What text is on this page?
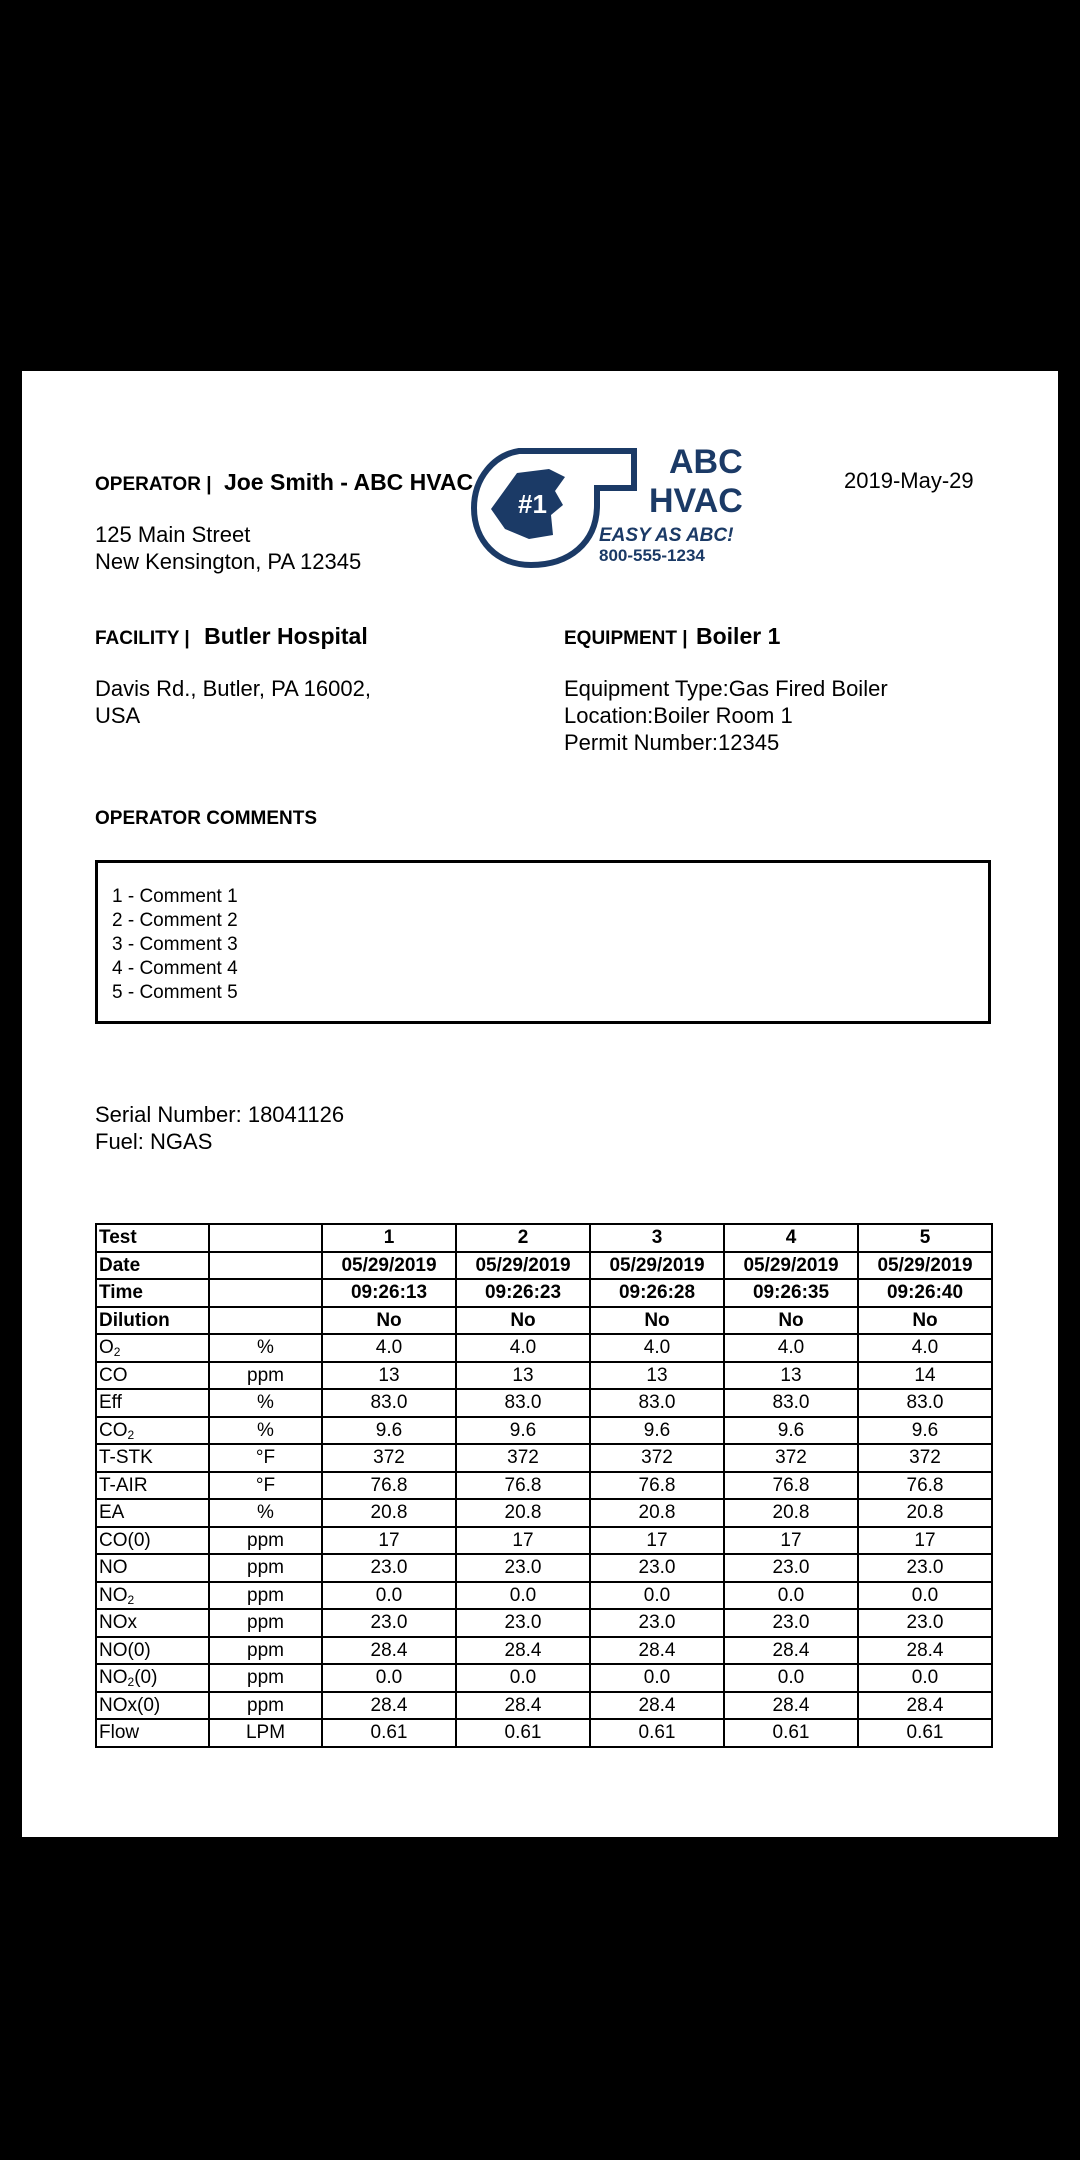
OPERATOR | Joe Smith - ABC HVAC
125 Main Street
New Kensington, PA 12345
2019-May-29
#1
ABC
HVAC
EASY AS ABC!
800-555-1234
FACILITY | Butler Hospital
Davis Rd., Butler, PA 16002,
USA
EQUIPMENT | Boiler 1
Equipment Type:Gas Fired Boiler
Location:Boiler Room 1
Permit Number:12345
OPERATOR COMMENTS
1 - Comment 1
2 - Comment 2
3 - Comment 3
4 - Comment 4
5 - Comment 5
Serial Number: 18041126
Fuel: NGAS
Test		1	2	3	4	5
Date		05/29/2019	05/29/2019	05/29/2019	05/29/2019	05/29/2019
Time		09:26:13	09:26:23	09:26:28	09:26:35	09:26:40
Dilution		No	No	No	No	No
$O_2$	%	4.0	4.0	4.0	4.0	4.0
CO	ppm	13	13	13	13	14
Eff	%	83.0	83.0	83.0	83.0	83.0
$CO_2$	%	9.6	9.6	9.6	9.6	9.6
T-STK	°F	372	372	372	372	372
T-AIR	°F	76.8	76.8	76.8	76.8	76.8
EA	%	20.8	20.8	20.8	20.8	20.8
CO(0)	ppm	17	17	17	17	17
NO	ppm	23.0	23.0	23.0	23.0	23.0
$NO_2$	ppm	0.0	0.0	0.0	0.0	0.0
NOx	ppm	23.0	23.0	23.0	23.0	23.0
NO(0)	ppm	28.4	28.4	28.4	28.4	28.4
$NO_2(0)$	ppm	0.0	0.0	0.0	0.0	0.0
NOx(0)	ppm	28.4	28.4	28.4	28.4	28.4
Flow	LPM	0.61	0.61	0.61	0.61	0.61
